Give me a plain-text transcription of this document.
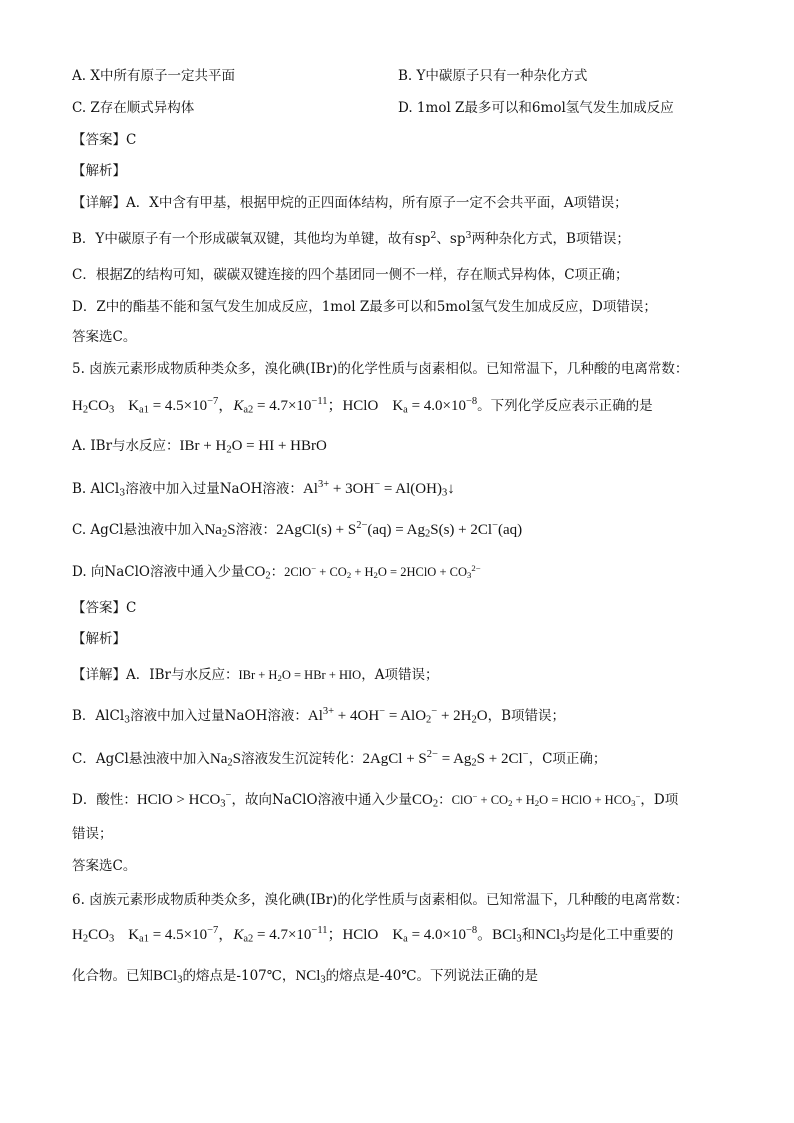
A. X中所有原子一定共平面	B. Y中碳原子只有一种杂化方式
C. Z存在顺式异构体	D. 1mol Z最多可以和6mol氢气发生加成反应
【答案】C
【解析】
【详解】A．X中含有甲基，根据甲烷的正四面体结构，所有原子一定不会共平面，A项错误；
B．Y中碳原子有一个形成碳氧双键，其他均为单键，故有$sp^2$、$sp^3$两种杂化方式，B项错误；
C．根据Z的结构可知，碳碳双键连接的四个基团同一侧不一样，存在顺式异构体，C项正确；
D．Z中的酯基不能和氢气发生加成反应，1mol Z最多可以和5mol氢气发生加成反应，D项错误；
答案选C。
5. 卤族元素形成物质种类众多，溴化碘(IBr)的化学性质与卤素相似。已知常温下，几种酸的电离常数：
$H_2CO_3$ $K_{a1} = 4.5\times 10^{-7}$，$K_{a2} = 4.7\times 10^{-11}$；HClO $K_a = 4.0\times 10^{-8}$。下列化学反应表示正确的是
A. IBr与水反应：IBr + $H_2O$ = HI + HBrO
B. AlCl$_3$溶液中加入过量NaOH溶液：$Al^{3+} + 3OH^-$ = $Al(OH)_3↓$
C. AgCl悬浊液中加入$Na_2S$溶液：2AgCl(s) + $S^{2-}(aq) = Ag_2S(s) + 2Cl^-(aq)$
D. 向NaClO溶液中通入少量$CO_2$：$2ClO^- + CO_2 + H_2O$ = 2HClO + $CO_3^{2-}$
【答案】C
【解析】
【详解】A．IBr与水反应：IBr + $H_2O$ = HBr + HIO，A项错误；
B．AlCl$_3$溶液中加入过量NaOH溶液：$Al^{3+} + 4OH^- = AlO_2^- + 2H_2O$，B项错误；
C．AgCl悬浊液中加入$Na_2S$溶液发生沉淀转化：2AgCl + $S^{2-} = Ag_2S + 2Cl^-$，C项正确；
D．酸性：HClO > $HCO_3^-$，故向NaClO溶液中通入少量$CO_2$：$ClO^- + CO_2 + H_2O$ = HClO + $HCO_3^-$，D项
错误；
答案选C。
6. 卤族元素形成物质种类众多，溴化碘(IBr)的化学性质与卤素相似。已知常温下，几种酸的电离常数：
$H_2CO_3$ $K_{a1} = 4.5\times 10^{-7}$，$K_{a2} = 4.7\times 10^{-11}$；HClO $K_a = 4.0\times 10^{-8}$。BCl$_3$和NCl$_3$均是化工中重要的
化合物。已知BCl$_3$的熔点是-107℃，NCl$_3$的熔点是-40℃。下列说法正确的是
